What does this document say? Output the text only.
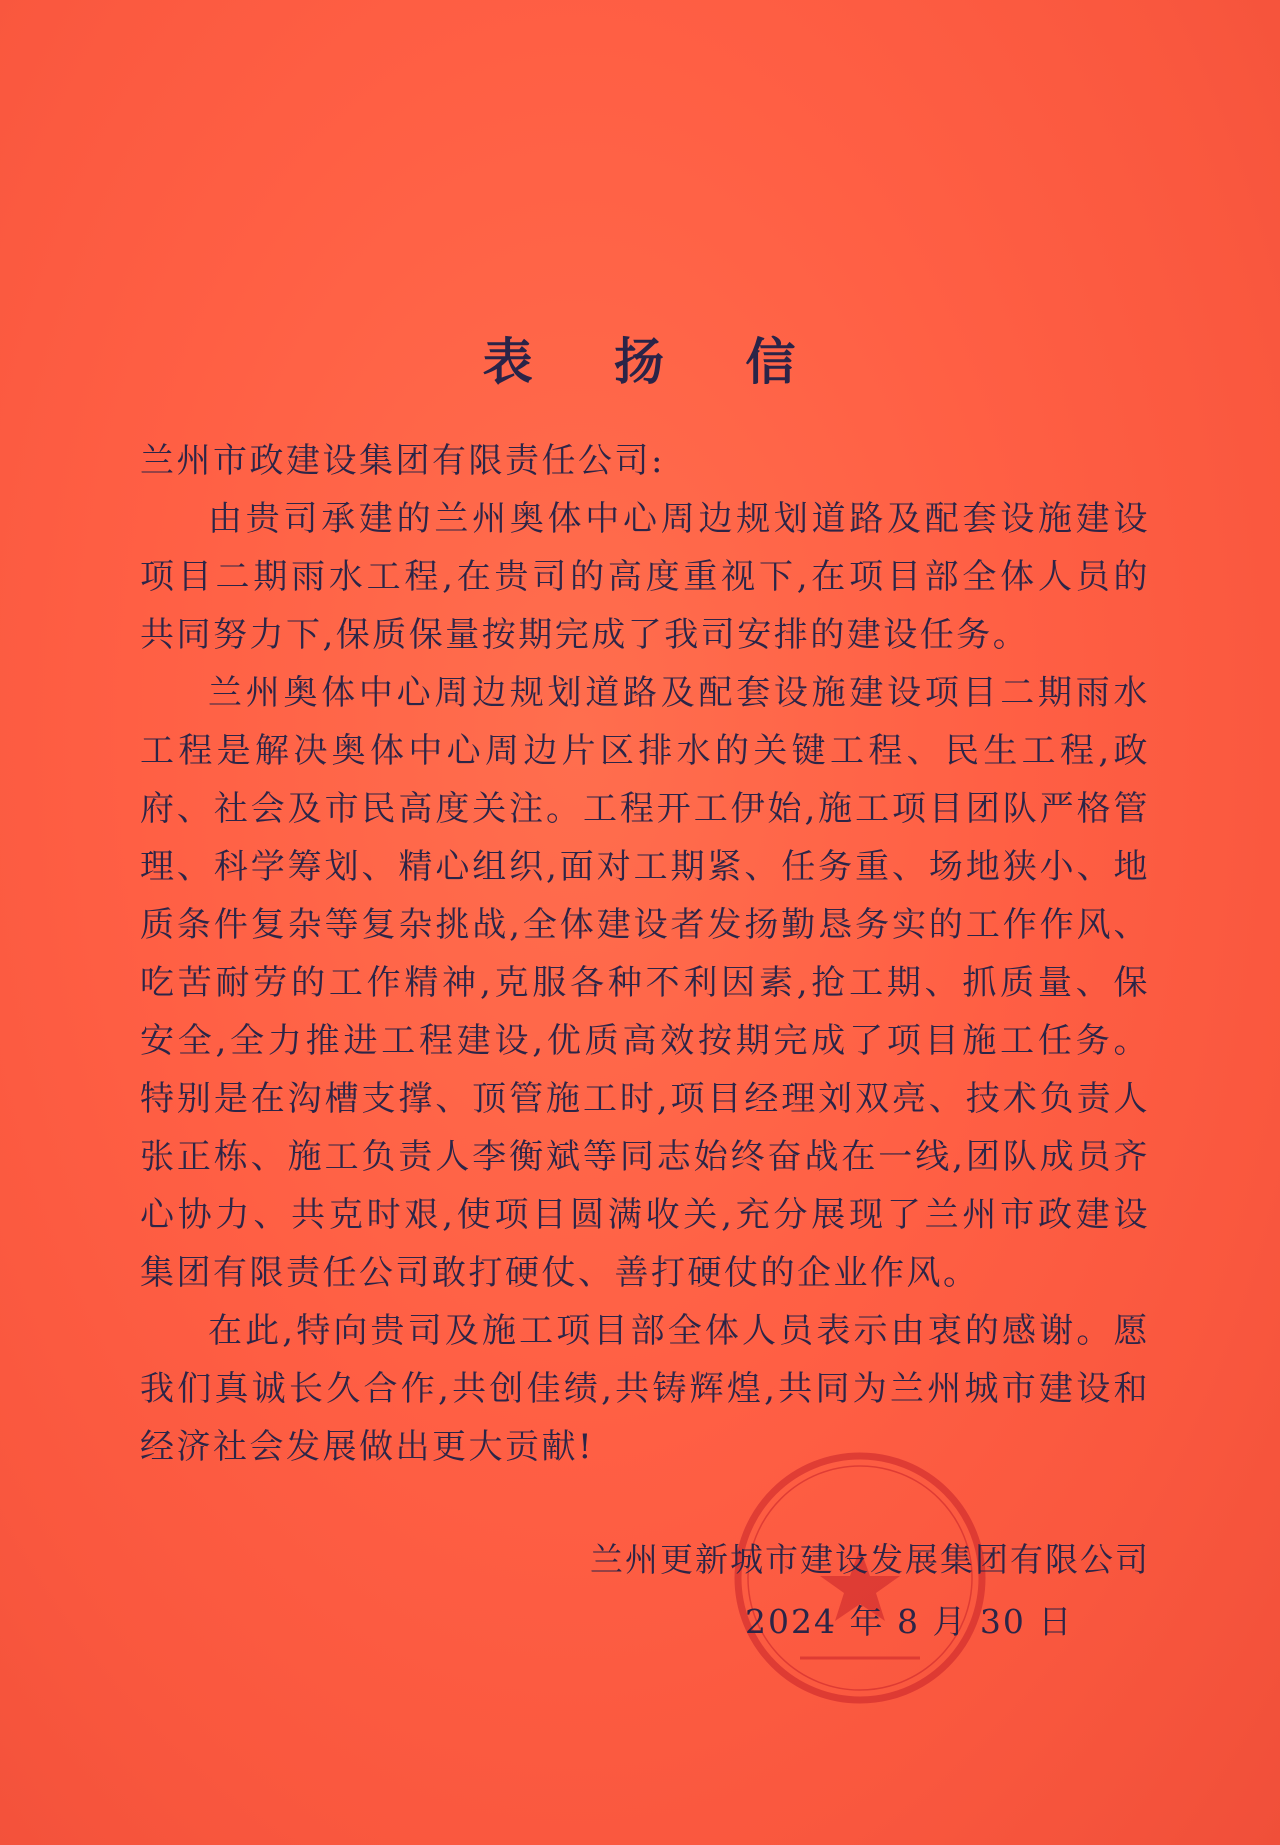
表 扬 信
兰州市政建设集团有限责任公司:

由贵司承建的兰州奥体中心周边规划道路及配套设施建设项目二期雨水工程,在贵司的高度重视下,在项目部全体人员的共同努力下,保质保量按期完成了我司安排的建设任务。

兰州奥体中心周边规划道路及配套设施建设项目二期雨水工程是解决奥体中心周边片区排水的关键工程、民生工程,政府、社会及市民高度关注。工程开工伊始,施工项目团队严格管理、科学筹划、精心组织,面对工期紧、任务重、场地狭小、地质条件复杂等复杂挑战,全体建设者发扬勤恳务实的工作作风、吃苦耐劳的工作精神,克服各种不利因素,抢工期、抓质量、保安全,全力推进工程建设,优质高效按期完成了项目施工任务。特别是在沟槽支撑、顶管施工时,项目经理刘双亮、技术负责人张正栋、施工负责人李衡斌等同志始终奋战在一线,团队成员齐心协力、共克时艰,使项目圆满收关,充分展现了兰州市政建设集团有限责任公司敢打硬仗、善打硬仗的企业作风。

在此,特向贵司及施工项目部全体人员表示由衷的感谢。愿我们真诚长久合作,共创佳绩,共铸辉煌,共同为兰州城市建设和经济社会发展做出更大贡献!

兰州更新城市建设发展集团有限公司
2024 年 8 月 30 日
